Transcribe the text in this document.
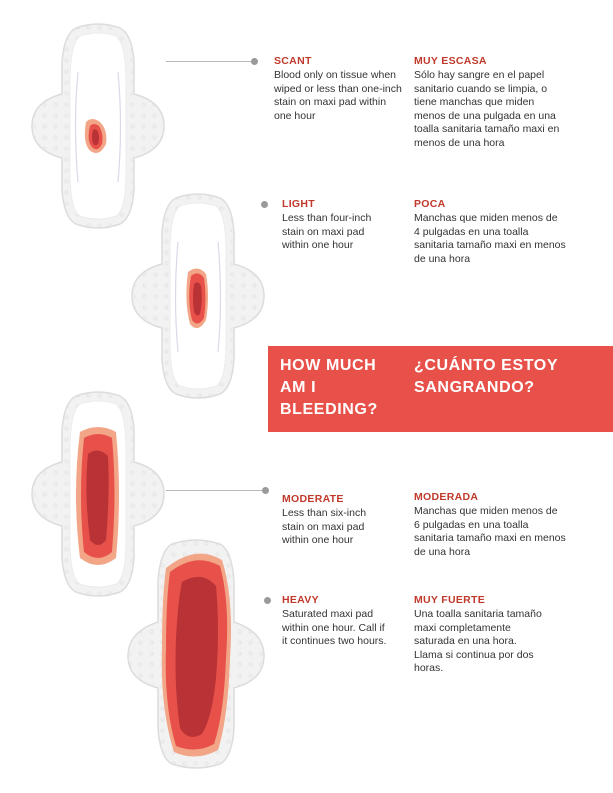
SCANT
Blood only on tissue when wiped or less than one-inch stain on maxi pad within one hour
MUY ESCASA
Sólo hay sangre en el papel sanitario cuando se limpia, o tiene manchas que miden menos de una pulgada en una toalla sanitaria tamaño maxi en menos de una hora
LIGHT
Less than four-inch stain on maxi pad within one hour
POCA
Manchas que miden menos de 4 pulgadas en una toalla sanitaria tamaño maxi en menos de una hora
HOW MUCH
AM I
BLEEDING?
¿CUÁNTO ESTOY
SANGRANDO?
MODERATE
Less than six-inch stain on maxi pad within one hour
MODERADA
Manchas que miden menos de 6 pulgadas en una toalla sanitaria tamaño maxi en menos de una hora
HEAVY
Saturated maxi pad within one hour. Call if it continues two hours.
MUY FUERTE
Una toalla sanitaria tamaño maxi completamente saturada en una hora. Llama si continua por dos horas.
